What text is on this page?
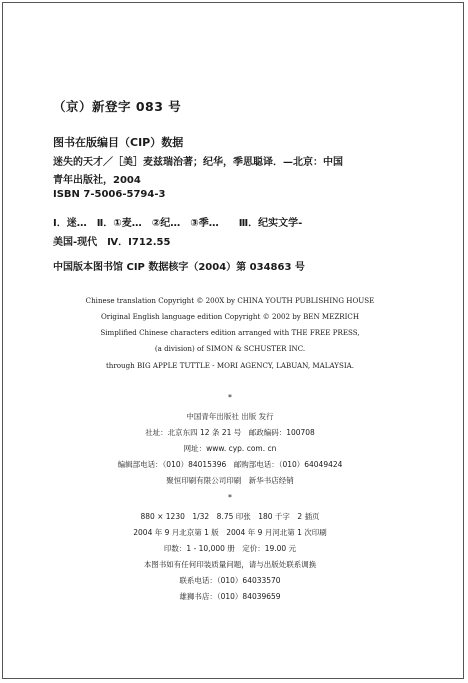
（京）新登字 083 号
图书在版编目（CIP）数据
迷失的天才／［美］麦兹瑞治著；纪华，季思聪译．—北京：中国
青年出版社，2004
ISBN 7-5006-5794-3
Ⅰ．迷…　Ⅱ．①麦…　②纪…　③季…　　Ⅲ．纪实文学-
美国-现代　Ⅳ．I712.55
中国版本图书馆 CIP 数据核字（2004）第 034863 号
Chinese translation Copyright © 200X by CHINA YOUTH PUBLISHING HOUSE
Original English language edition Copyright © 2002 by BEN MEZRICH
Simplified Chinese characters edition arranged with THE FREE PRESS,
(a division) of SIMON & SCHUSTER INC.
through BIG APPLE TUTTLE - MORI AGENCY, LABUAN, MALAYSIA.
*
中国青年出版社 出版 发行
社址：北京东四 12 条 21 号　邮政编码：100708
网址：www. cyp. com. cn
编辑部电话：（010）84015396　邮购部电话：（010）64049424
聚恒印刷有限公司印刷　新华书店经销
*
880 × 1230　1/32　8.75 印张　180 千字　2 插页
2004 年 9 月北京第 1 版　2004 年 9 月河北第 1 次印刷
印数：1 - 10,000 册　定价：19.00 元
本图书如有任何印装质量问题，请与出版处联系调换
联系电话：（010）64033570
雄狮书店：（010）84039659
